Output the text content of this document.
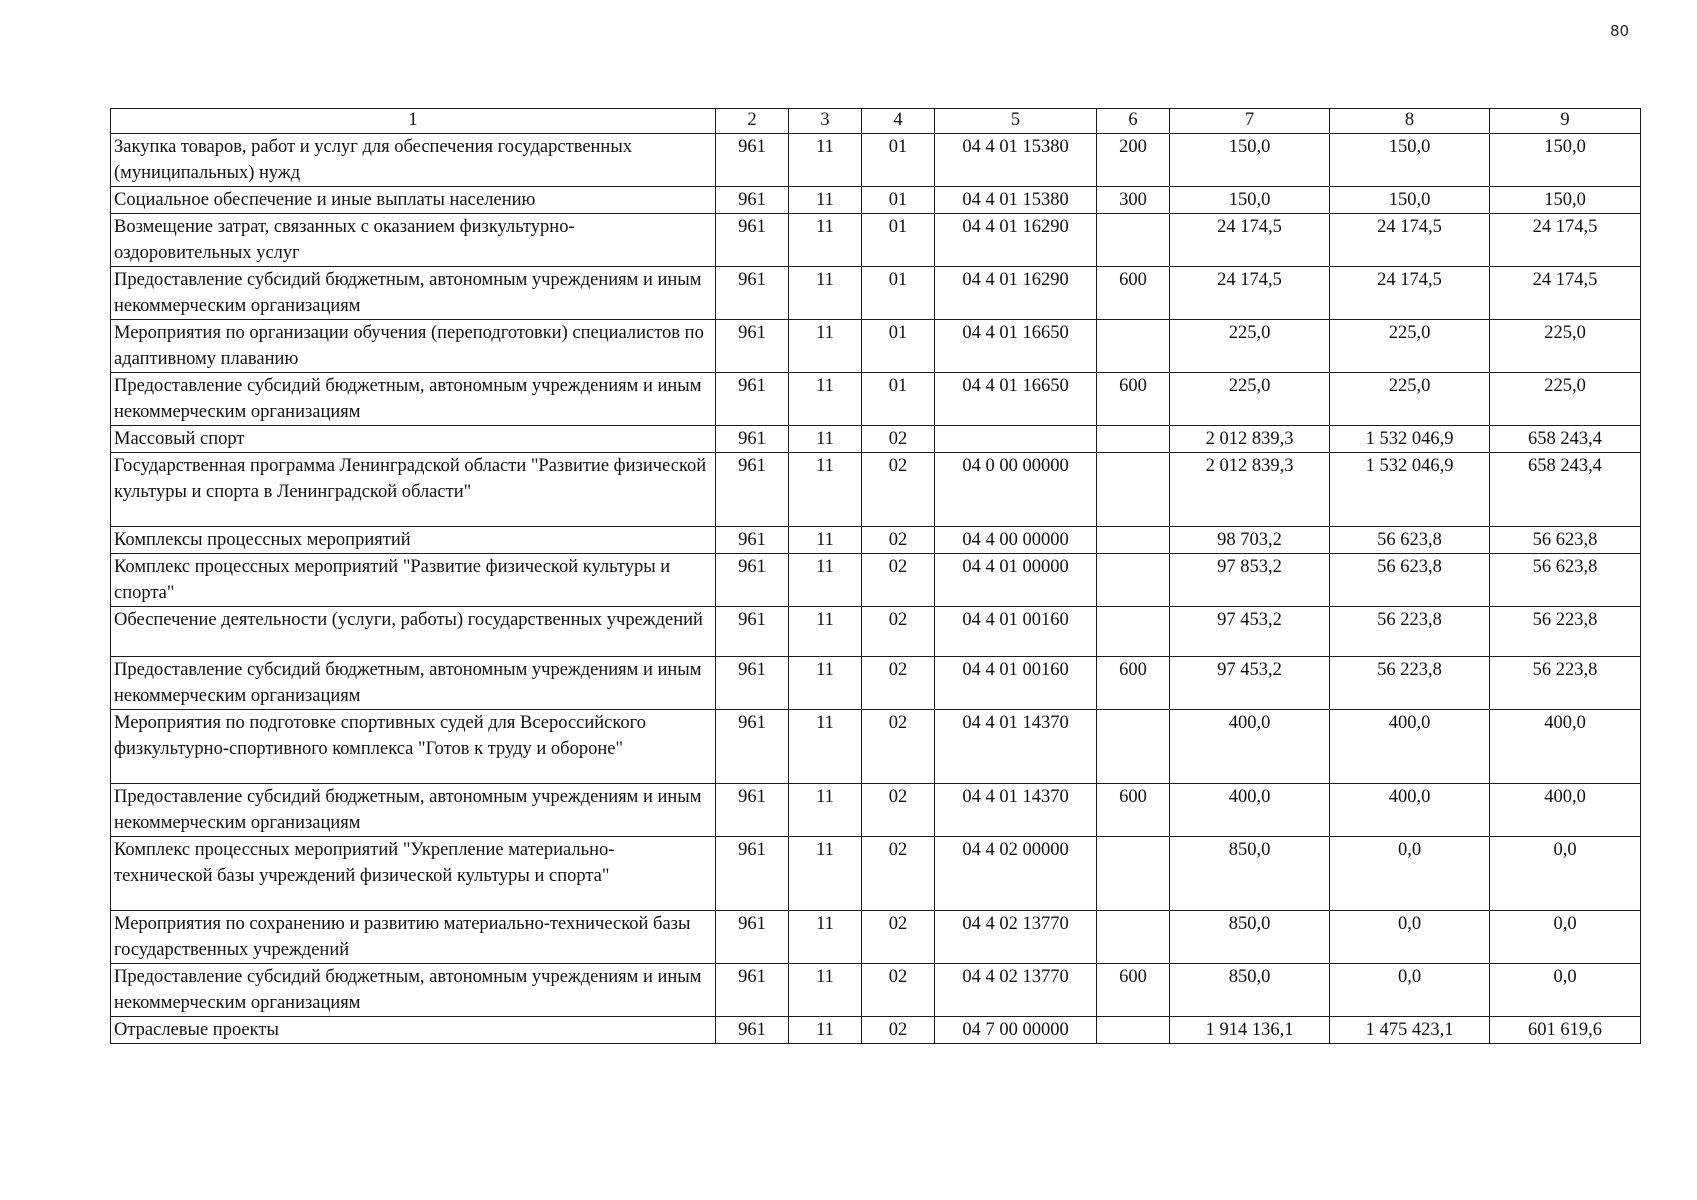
80
1	2	3	4	5	6	7	8	9
Закупка товаров, работ и услуг для обеспечения государственных (муниципальных) нужд	961	11	01	04 4 01 15380	200	150,0	150,0	150,0
Социальное обеспечение и иные выплаты населению	961	11	01	04 4 01 15380	300	150,0	150,0	150,0
Возмещение затрат, связанных с оказанием физкультурно-оздоровительных услуг	961	11	01	04 4 01 16290		24 174,5	24 174,5	24 174,5
Предоставление субсидий бюджетным, автономным учреждениям и иным некоммерческим организациям	961	11	01	04 4 01 16290	600	24 174,5	24 174,5	24 174,5
Мероприятия по организации обучения (переподготовки) специалистов по адаптивному плаванию	961	11	01	04 4 01 16650		225,0	225,0	225,0
Предоставление субсидий бюджетным, автономным учреждениям и иным некоммерческим организациям	961	11	01	04 4 01 16650	600	225,0	225,0	225,0
Массовый спорт	961	11	02			2 012 839,3	1 532 046,9	658 243,4
Государственная программа Ленинградской области "Развитие физической культуры и спорта в Ленинградской области"	961	11	02	04 0 00 00000		2 012 839,3	1 532 046,9	658 243,4
Комплексы процессных мероприятий	961	11	02	04 4 00 00000		98 703,2	56 623,8	56 623,8
Комплекс процессных мероприятий "Развитие физической культуры и спорта"	961	11	02	04 4 01 00000		97 853,2	56 623,8	56 623,8
Обеспечение деятельности (услуги, работы) государственных учреждений	961	11	02	04 4 01 00160		97 453,2	56 223,8	56 223,8
Предоставление субсидий бюджетным, автономным учреждениям и иным некоммерческим организациям	961	11	02	04 4 01 00160	600	97 453,2	56 223,8	56 223,8
Мероприятия по подготовке спортивных судей для Всероссийского физкультурно-спортивного комплекса "Готов к труду и обороне"	961	11	02	04 4 01 14370		400,0	400,0	400,0
Предоставление субсидий бюджетным, автономным учреждениям и иным некоммерческим организациям	961	11	02	04 4 01 14370	600	400,0	400,0	400,0
Комплекс процессных мероприятий "Укрепление материально-технической базы учреждений физической культуры и спорта"	961	11	02	04 4 02 00000		850,0	0,0	0,0
Мероприятия по сохранению и развитию материально-технической базы государственных учреждений	961	11	02	04 4 02 13770		850,0	0,0	0,0
Предоставление субсидий бюджетным, автономным учреждениям и иным некоммерческим организациям	961	11	02	04 4 02 13770	600	850,0	0,0	0,0
Отраслевые проекты	961	11	02	04 7 00 00000		1 914 136,1	1 475 423,1	601 619,6
